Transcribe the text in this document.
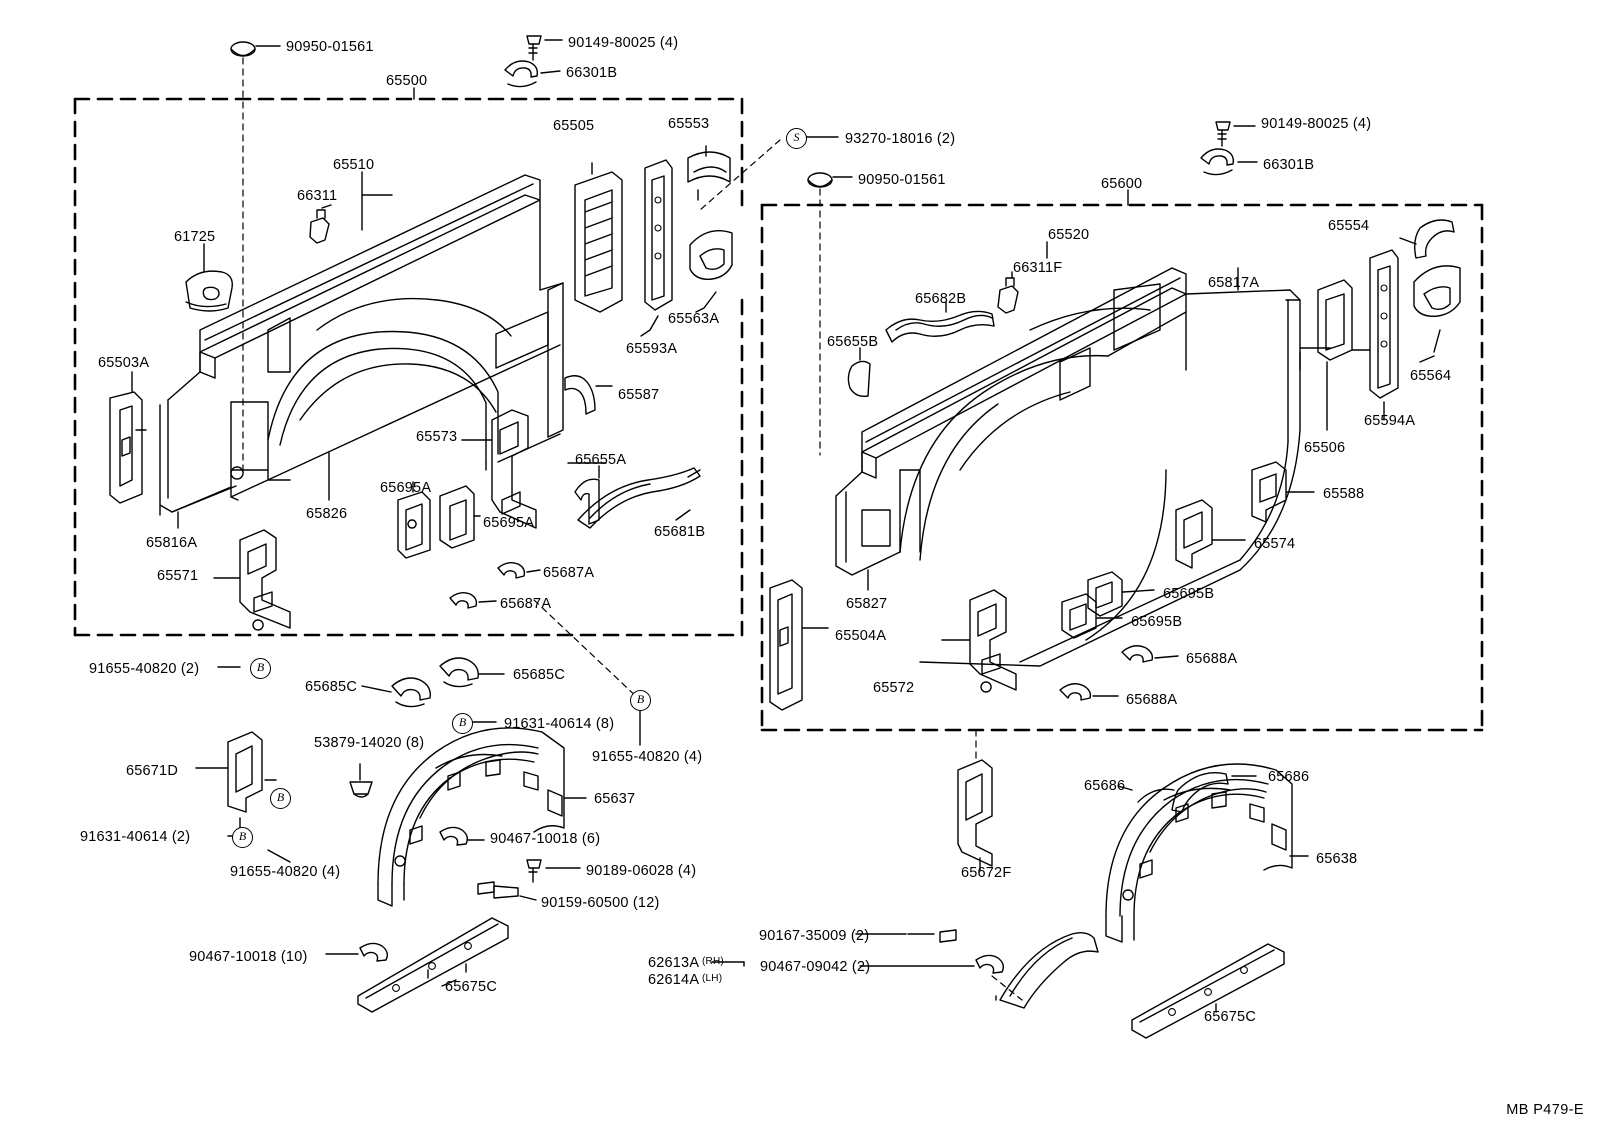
S
B
B
B
B
B
90950-01561	90149-80025 (4)
66301B
65500
65505	65553
93270-18016 (2)
90149-80025 (4)
90950-01561
66301B
65510
66311
65600
61725	65520
65554
66311F
65817A
65682B
65563A
65593A	65655B
65503A
65587
65564
65594A
65573
65655A
65506
65695A
65695A
65826
65681B
65588
65574
65816A
65571	65687A
65687A	65827
65695B
65695B
65504A
65688A
91655-40820 (2)
65685C
65685C
65572
65688A
91631-40614 (8)
91655-40820 (4)
53879-14020 (8)
65671D	65686
65686
65637
91631-40614 (2)	90467-10018 (6)
91655-40820 (4)	90189-06028 (4)
65638
65672F
90159-60500 (12)
90167-35009 (2)
90467-10018 (10)	62613A (RH) 90467-09042 (2)
62614A (LH)
65675C
65675C
MB P479-E
